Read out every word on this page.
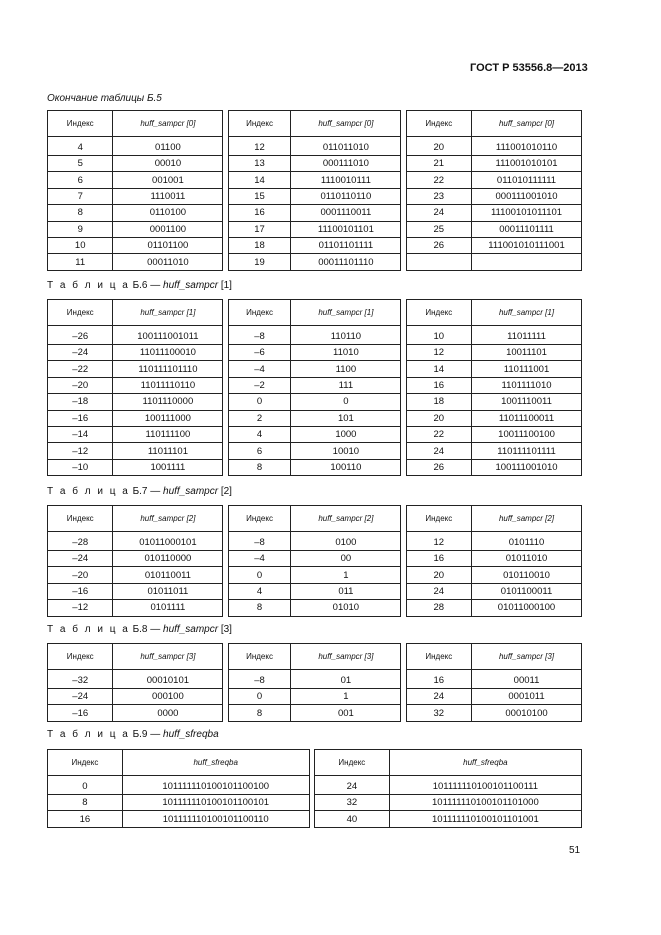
ГОСТ Р 53556.8—2013
Окончание таблицы Б.5
Индекс	huff_sampcr [0]		Индекс	huff_sampcr [0]		Индекс	huff_sampcr [0]
4	01100		12	011011010		20	111001010110
5	00010		13	000111010		21	111001010101
6	001001		14	1110010111		22	011010111111
7	1110011		15	0110110110		23	000111001010
8	0110100		16	0001110011		24	11100101011101
9	0001100		17	11100101101		25	00011101111
10	01101100		18	01101101111		26	111001010111001
11	00011010		19	00011101110			
Т а б л и ц а Б.6 — huff_sampcr [1]
Индекс	huff_sampcr [1]		Индекс	huff_sampcr [1]		Индекс	huff_sampcr [1]
–26	100111001011		–8	110110		10	11011111
–24	11011100010		–6	11010		12	10011101
–22	110111101110		–4	1100		14	110111001
–20	11011110110		–2	111		16	1101111010
–18	1101110000		0	0		18	1001110011
–16	100111000		2	101		20	11011100011
–14	110111100		4	1000		22	10011100100
–12	11011101		6	10010		24	110111101111
–10	1001111		8	100110		26	100111001010
Т а б л и ц а Б.7 — huff_sampcr [2]
Индекс	huff_sampcr [2]		Индекс	huff_sampcr [2]		Индекс	huff_sampcr [2]
–28	01011000101		–8	0100		12	0101110
–24	010110000		–4	00		16	01011010
–20	010110011		0	1		20	010110010
–16	01011011		4	011		24	0101100011
–12	0101111		8	01010		28	01011000100
Т а б л и ц а Б.8 — huff_sampcr [3]
Индекс	huff_sampcr [3]		Индекс	huff_sampcr [3]		Индекс	huff_sampcr [3]
–32	00010101		–8	01		16	00011
–24	000100		0	1		24	0001011
–16	0000		8	001		32	00010100
Т а б л и ц а Б.9 — huff_sfreqba
Индекс	huff_sfreqba		Индекс	huff_sfreqba
0	101111110100101100100		24	101111110100101100111
8	101111110100101100101		32	101111110100101101000
16	101111110100101100110		40	101111110100101101001
51
